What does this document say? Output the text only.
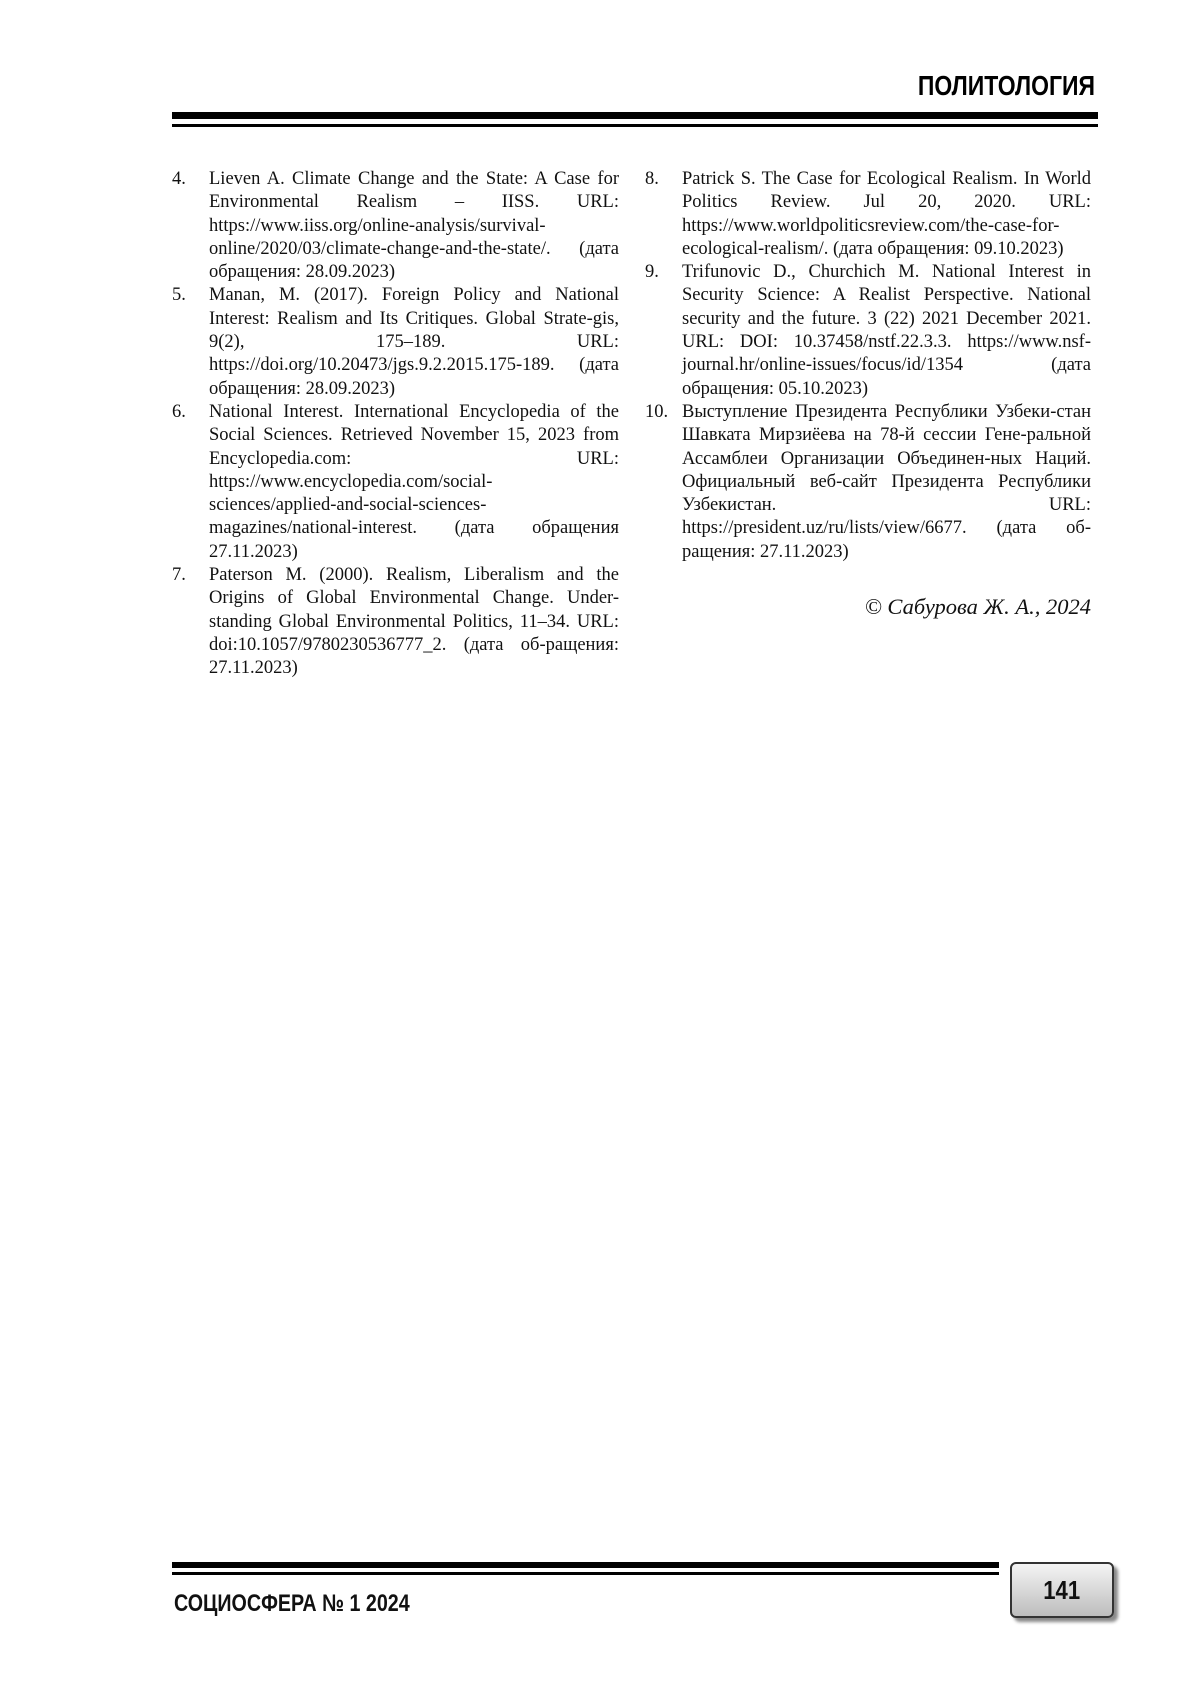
ПОЛИТОЛОГИЯ
4. Lieven A. Climate Change and the State: A Case for Environmental Realism – IISS. URL: https://www.iiss.org/online-analysis/survival-online/2020/03/climate-change-and-the-state/. (дата обращения: 28.09.2023)
5. Manan, M. (2017). Foreign Policy and National Interest: Realism and Its Critiques. Global Strate-gis, 9(2), 175–189. URL: https://doi.org/10.20473/jgs.9.2.2015.175-189. (дата обращения: 28.09.2023)
6. National Interest. International Encyclopedia of the Social Sciences. Retrieved November 15, 2023 from Encyclopedia.com: URL: https://www.encyclopedia.com/social-sciences/applied-and-social-sciences-magazines/national-interest. (дата обращения 27.11.2023)
7. Paterson M. (2000). Realism, Liberalism and the Origins of Global Environmental Change. Under-standing Global Environmental Politics, 11–34. URL: doi:10.1057/9780230536777_2. (дата об-ращения: 27.11.2023)
8. Patrick S. The Case for Ecological Realism. In World Politics Review. Jul 20, 2020. URL: https://www.worldpoliticsreview.com/the-case-for-ecological-realism/. (дата обращения: 09.10.2023)
9. Trifunovic D., Churchich M. National Interest in Security Science: A Realist Perspective. National security and the future. 3 (22) 2021 December 2021. URL: DOI: 10.37458/nstf.22.3.3. https://www.nsf-journal.hr/online-issues/focus/id/1354 (дата обращения: 05.10.2023)
10. Выступление Президента Республики Узбеки-стан Шавката Мирзиёева на 78-й сессии Гене-ральной Ассамблеи Организации Объединен-ных Наций. Официальный веб-сайт Президента Республики Узбекистан. URL: https://president.uz/ru/lists/view/6677. (дата об-ращения: 27.11.2023)
© Сабурова Ж. А., 2024
СОЦИОСФЕРА № 1 2024	141
